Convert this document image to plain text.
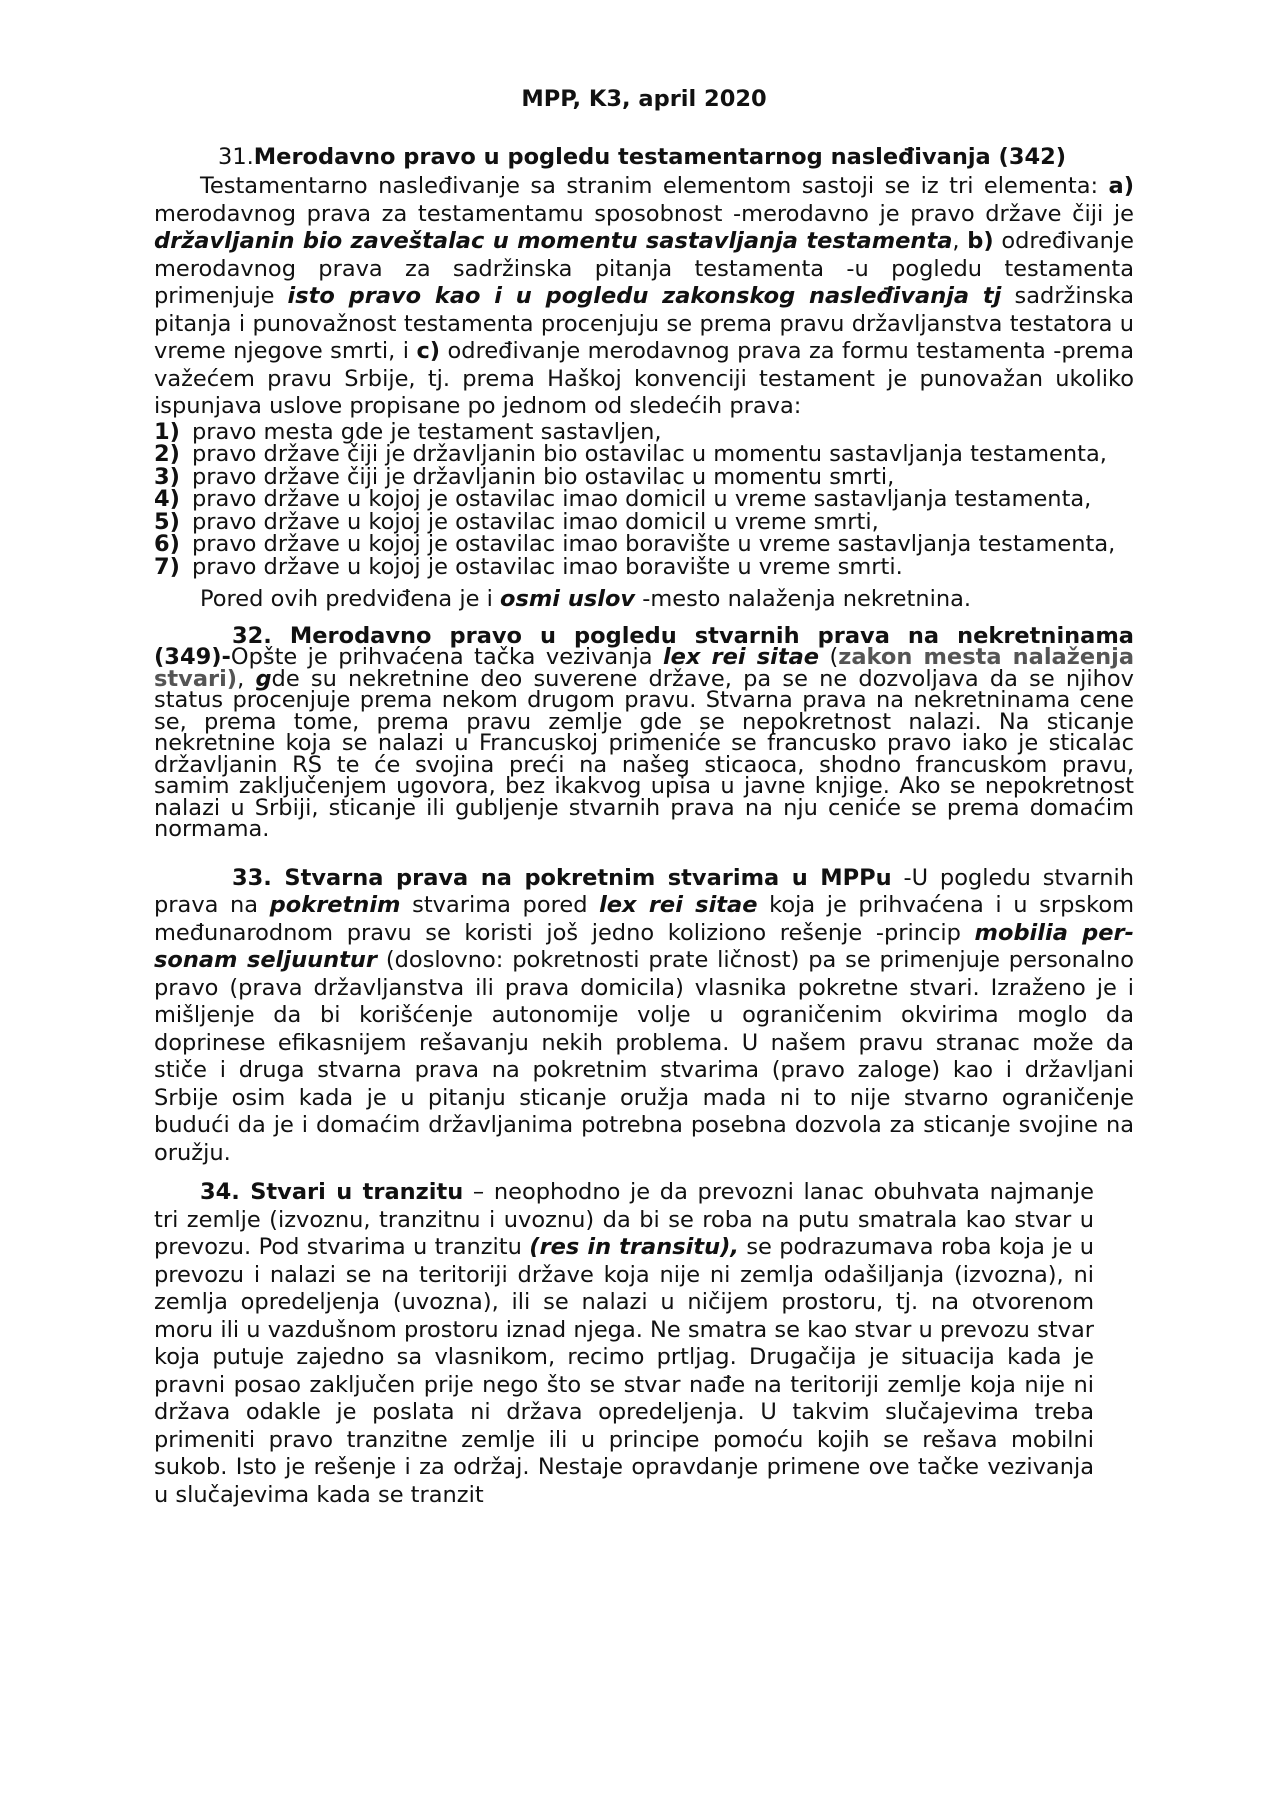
MPP, K3, april 2020
31.Merodavno pravo u pogledu testamentarnog nasleđivanja (342)

Testamentarno nasleđivanje sa stranim elementom sastoji se iz tri elementa: a) merodavnog prava za testamentamu sposobnost -merodavno je pravo države čiji je državljanin bio zaveštalac u momentu sastavljanja testamenta, b) određivanje merodavnog prava za sadržinska pitanja testamenta -u pogledu testamenta primenjuje isto pravo kao i u pogledu zakonskog nasleđivanja tj sadržinska pitanja i punovažnost testamenta procenjuju se prema pravu državljanstva testatora u vreme njegove smrti, i c) određivanje merodavnog prava za formu testamenta -prema važećem pravu Srbije, tj. prema Haškoj konvenciji testament je punovažan ukoliko ispunjava uslove propisane po jednom od sledećih prava:

1) pravo mesta gde je testament sastavljen,
2) pravo države čiji je državljanin bio ostavilac u momentu sastavljanja testamenta,
3) pravo države čiji je državljanin bio ostavilac u momentu smrti,
4) pravo države u kojoj je ostavilac imao domicil u vreme sastavljanja testamenta,
5) pravo države u kojoj je ostavilac imao domicil u vreme smrti,
6) pravo države u kojoj je ostavilac imao boravište u vreme sastavljanja testamenta,
7) pravo države u kojoj je ostavilac imao boravište u vreme smrti.

Pored ovih predviđena je i osmi uslov -mesto nalaženja nekretnina.

32. Merodavno pravo u pogledu stvarnih prava na nekretninama (349)-Opšte je prihvaćena tačka vezivanja lex rei sitae (zakon mesta nalaženja stvari), gde su nekretnine deo suverene države, pa se ne dozvoljava da se njihov status procenjuje prema nekom drugom pravu. Stvarna prava na nekretninama cene se, prema tome, prema pravu zemlje gde se nepokretnost nalazi. Na sticanje nekretnine koja se nalazi u Francuskoj primeniće se francusko pravo iako je sticalac državljanin RS te će svojina preći na našeg sticaoca, shodno francuskom pravu, samim zaključenjem ugovora, bez ikakvog upisa u javne knjige. Ako se nepokretnost nalazi u Srbiji, sticanje ili gubljenje stvarnih prava na nju ceniće se prema domaćim normama.

33. Stvarna prava na pokretnim stvarima u MPPu -U pogledu stvarnih prava na pokretnim stvarima pored lex rei sitae koja je prihvaćena i u srpskom međunarodnom pravu se koristi još jedno koliziono rešenje -princip mobilia per-sonam seljuuntur (doslovno: pokretnosti prate ličnost) pa se primenjuje personalno pravo (prava državljanstva ili prava domicila) vlasnika pokretne stvari. Izraženo je i mišljenje da bi korišćenje autonomije volje u ograničenim okvirima moglo da doprinese efikasnijem rešavanju nekih problema. U našem pravu stranac može da stiče i druga stvarna prava na pokretnim stvarima (pravo zaloge) kao i državljani Srbije osim kada je u pitanju sticanje oružja mada ni to nije stvarno ograničenje budući da je i domaćim državljanima potrebna posebna dozvola za sticanje svojine na oružju.

34. Stvari u tranzitu – neophodno je da prevozni lanac obuhvata najmanje tri zemlje (izvoznu, tranzitnu i uvoznu) da bi se roba na putu smatrala kao stvar u prevozu. Pod stvarima u tranzitu (res in transitu), se podrazumava roba koja je u prevozu i nalazi se na teritoriji države koja nije ni zemlja odašiljanja (izvozna), ni zemlja opredeljenja (uvozna), ili se nalazi u ničijem prostoru, tj. na otvorenom moru ili u vazdušnom prostoru iznad njega. Ne smatra se kao stvar u prevozu stvar koja putuje zajedno sa vlasnikom, recimo prtljag. Drugačija je situacija kada je pravni posao zaključen prije nego što se stvar nađe na teritoriji zemlje koja nije ni država odakle je poslata ni država opredeljenja. U takvim slučajevima treba primeniti pravo tranzitne zemlje ili u principe pomoću kojih se rešava mobilni sukob. Isto je rešenje i za održaj. Nestaje opravdanje primene ove tačke vezivanja u slučajevima kada se tranzit
